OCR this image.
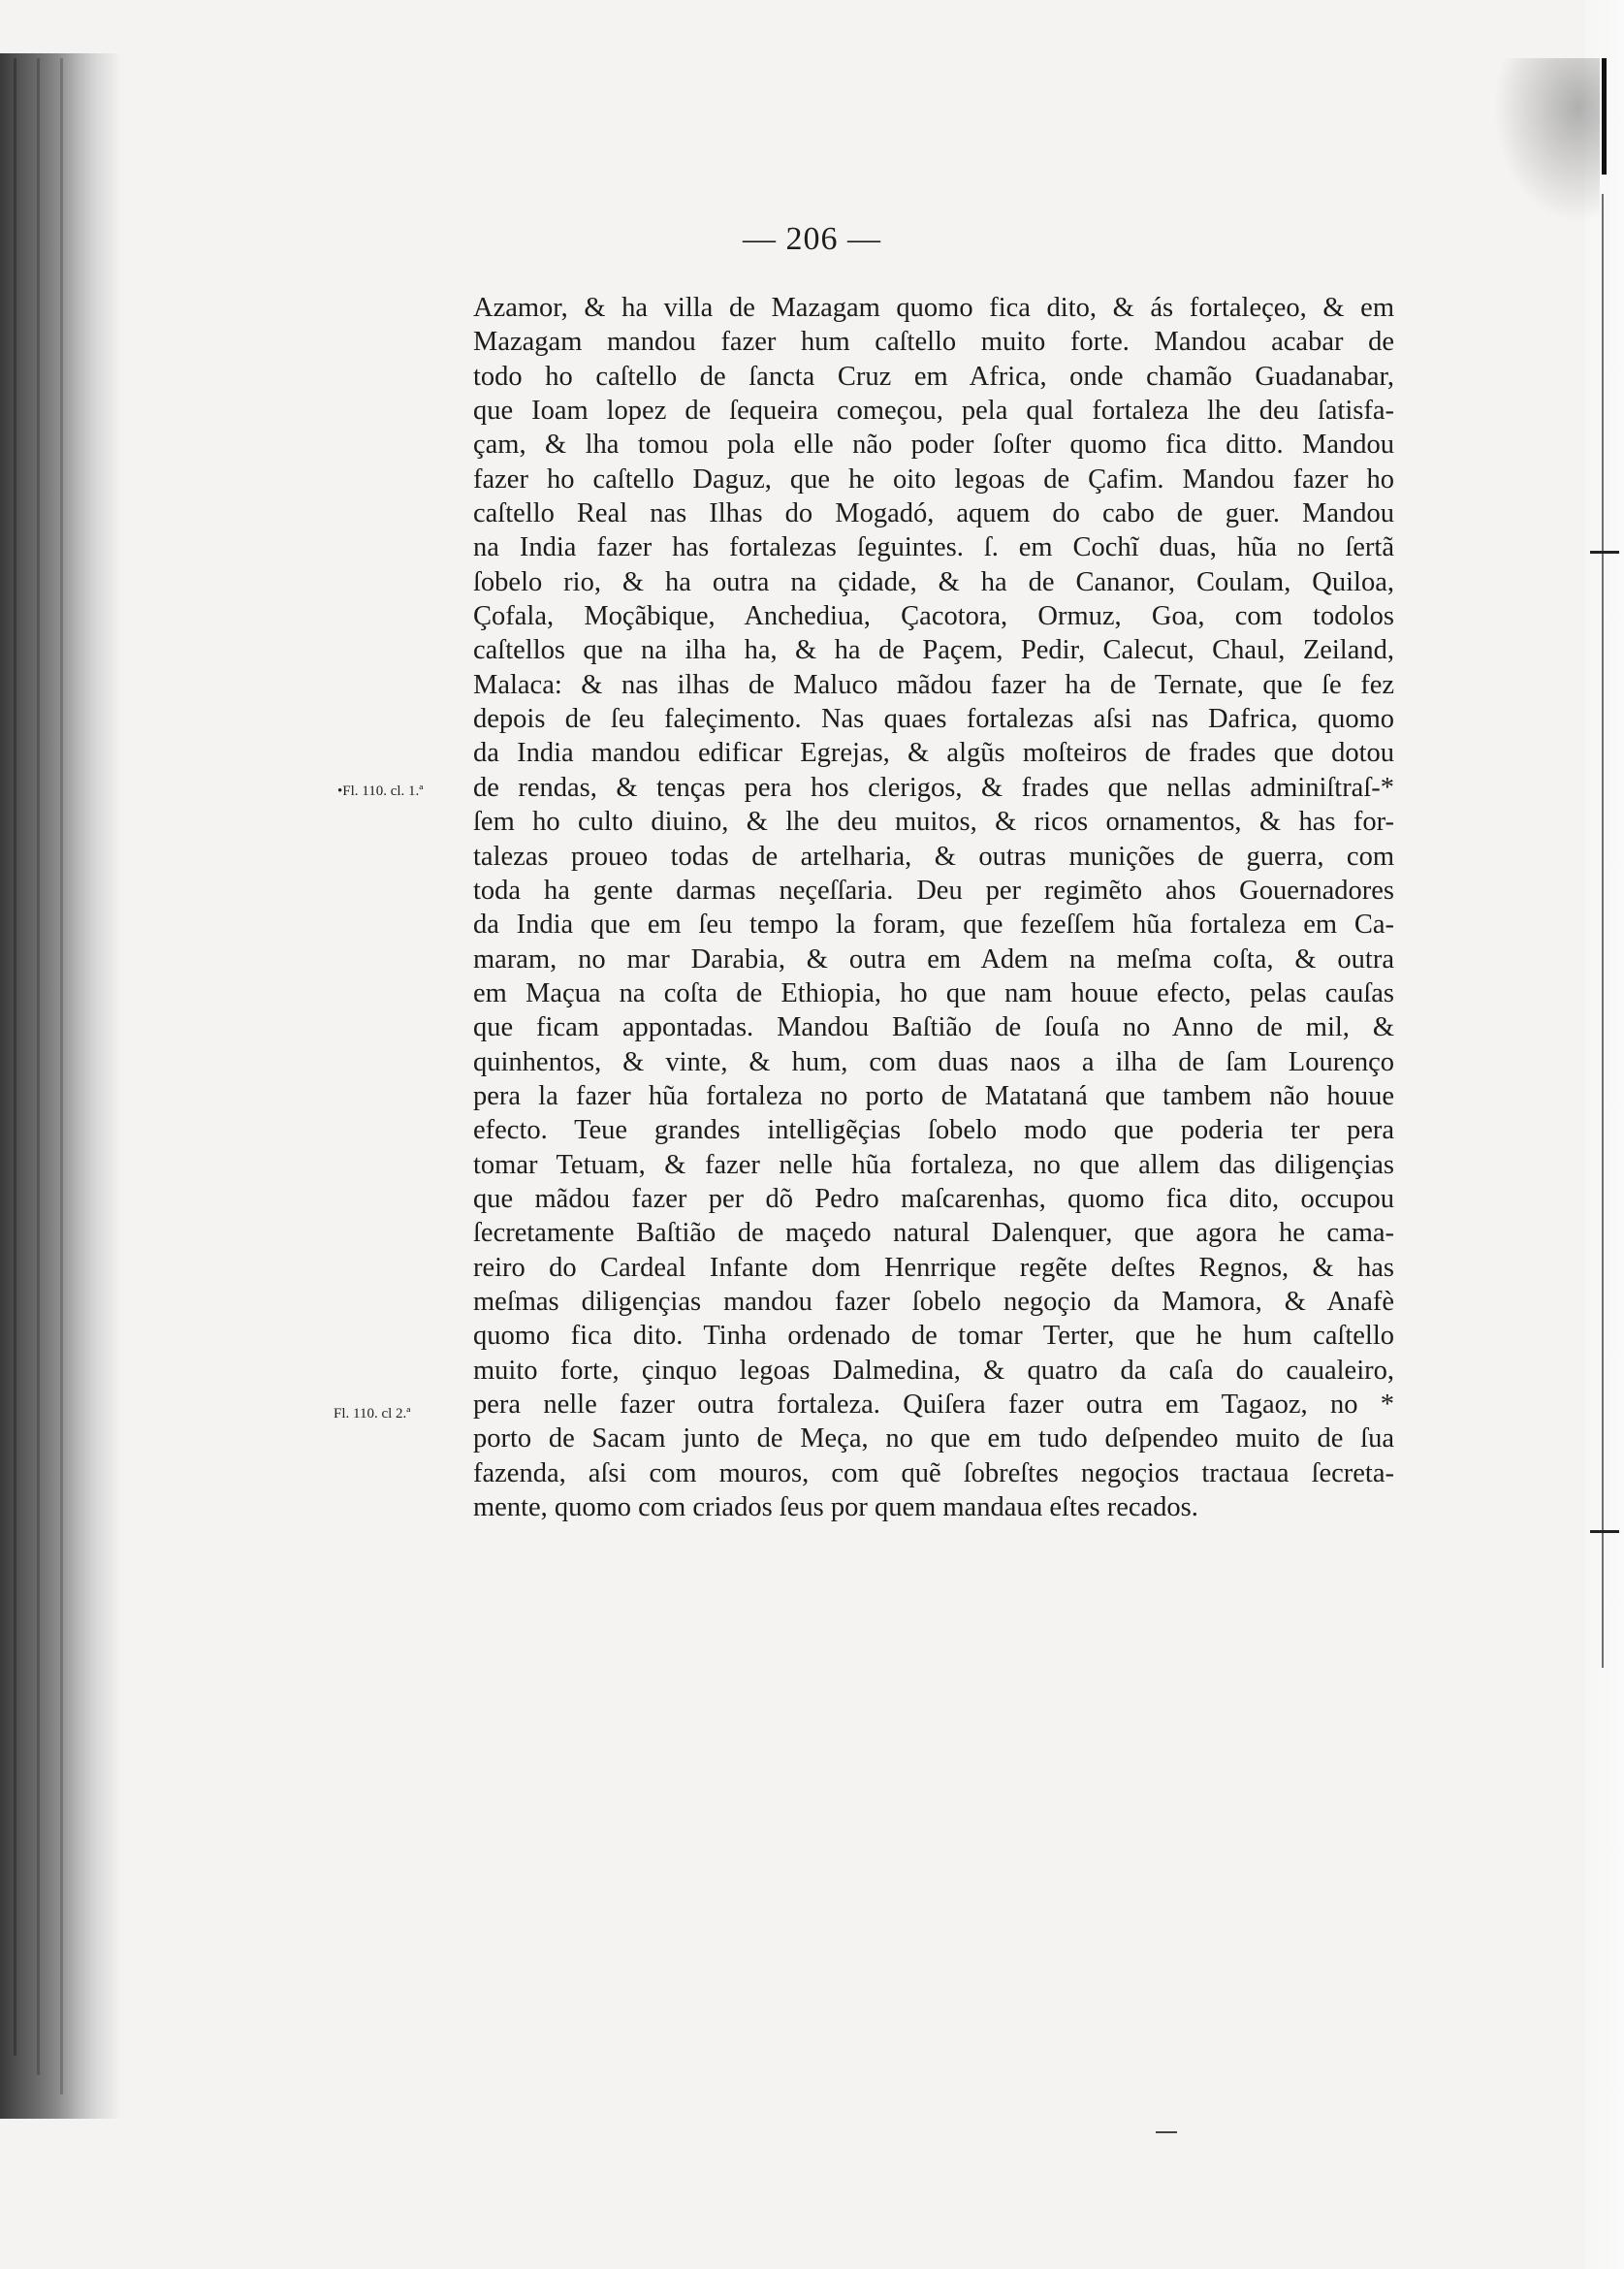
— 206 —
•Fl. 110. cl. 1.ª
Fl. 110. cl 2.ª
Azamor, & ha villa de Mazagam quomo fica dito, & ás fortaleçeo, & em
Mazagam mandou fazer hum caſtello muito forte. Mandou acabar de
todo ho caſtello de ſancta Cruz em Africa, onde chamão Guadanabar,
que Ioam lopez de ſequeira começou, pela qual fortaleza lhe deu ſatisfa-
çam, & lha tomou pola elle não poder ſoſter quomo fica ditto. Mandou
fazer ho caſtello Daguz, que he oito legoas de Çafim. Mandou fazer ho
caſtello Real nas Ilhas do Mogadó, aquem do cabo de guer. Mandou
na India fazer has fortalezas ſeguintes. ſ. em Cochĩ duas, hũa no ſertã
ſobelo rio, & ha outra na çidade, & ha de Cananor, Coulam, Quiloa,
Çofala, Moçãbique, Anchediua, Çacotora, Ormuz, Goa, com todolos
caſtellos que na ilha ha, & ha de Paçem, Pedir, Calecut, Chaul, Zeiland,
Malaca: & nas ilhas de Maluco mãdou fazer ha de Ternate, que ſe fez
depois de ſeu faleçimento. Nas quaes fortalezas aſsi nas Dafrica, quomo
da India mandou edificar Egrejas, & algũs moſteiros de frades que dotou
de rendas, & tenças pera hos clerigos, & frades que nellas adminiſtraſ-*
ſem ho culto diuino, & lhe deu muitos, & ricos ornamentos, & has for-
talezas proueo todas de artelharia, & outras munições de guerra, com
toda ha gente darmas neçeſſaria. Deu per regimẽto ahos Gouernadores
da India que em ſeu tempo la foram, que fezeſſem hũa fortaleza em Ca-
maram, no mar Darabia, & outra em Adem na meſma coſta, & outra
em Maçua na coſta de Ethiopia, ho que nam houue efecto, pelas cauſas
que ficam appontadas. Mandou Baſtião de ſouſa no Anno de mil, &
quinhentos, & vinte, & hum, com duas naos a ilha de ſam Lourenço
pera la fazer hũa fortaleza no porto de Matataná que tambem não houue
efecto. Teue grandes intelligẽçias ſobelo modo que poderia ter pera
tomar Tetuam, & fazer nelle hũa fortaleza, no que allem das diligençias
que mãdou fazer per dõ Pedro maſcarenhas, quomo fica dito, occupou
ſecretamente Baſtião de maçedo natural Dalenquer, que agora he cama-
reiro do Cardeal Infante dom Henrrique regẽte deſtes Regnos, & has
meſmas diligençias mandou fazer ſobelo negoçio da Mamora, & Anafè
quomo fica dito. Tinha ordenado de tomar Terter, que he hum caſtello
muito forte, çinquo legoas Dalmedina, & quatro da caſa do caualeiro,
pera nelle fazer outra fortaleza. Quiſera fazer outra em Tagaoz, no *
porto de Sacam junto de Meça, no que em tudo deſpendeo muito de ſua
fazenda, aſsi com mouros, com quẽ ſobreſtes negoçios tractaua ſecreta-
mente, quomo com criados ſeus por quem mandaua eſtes recados.
